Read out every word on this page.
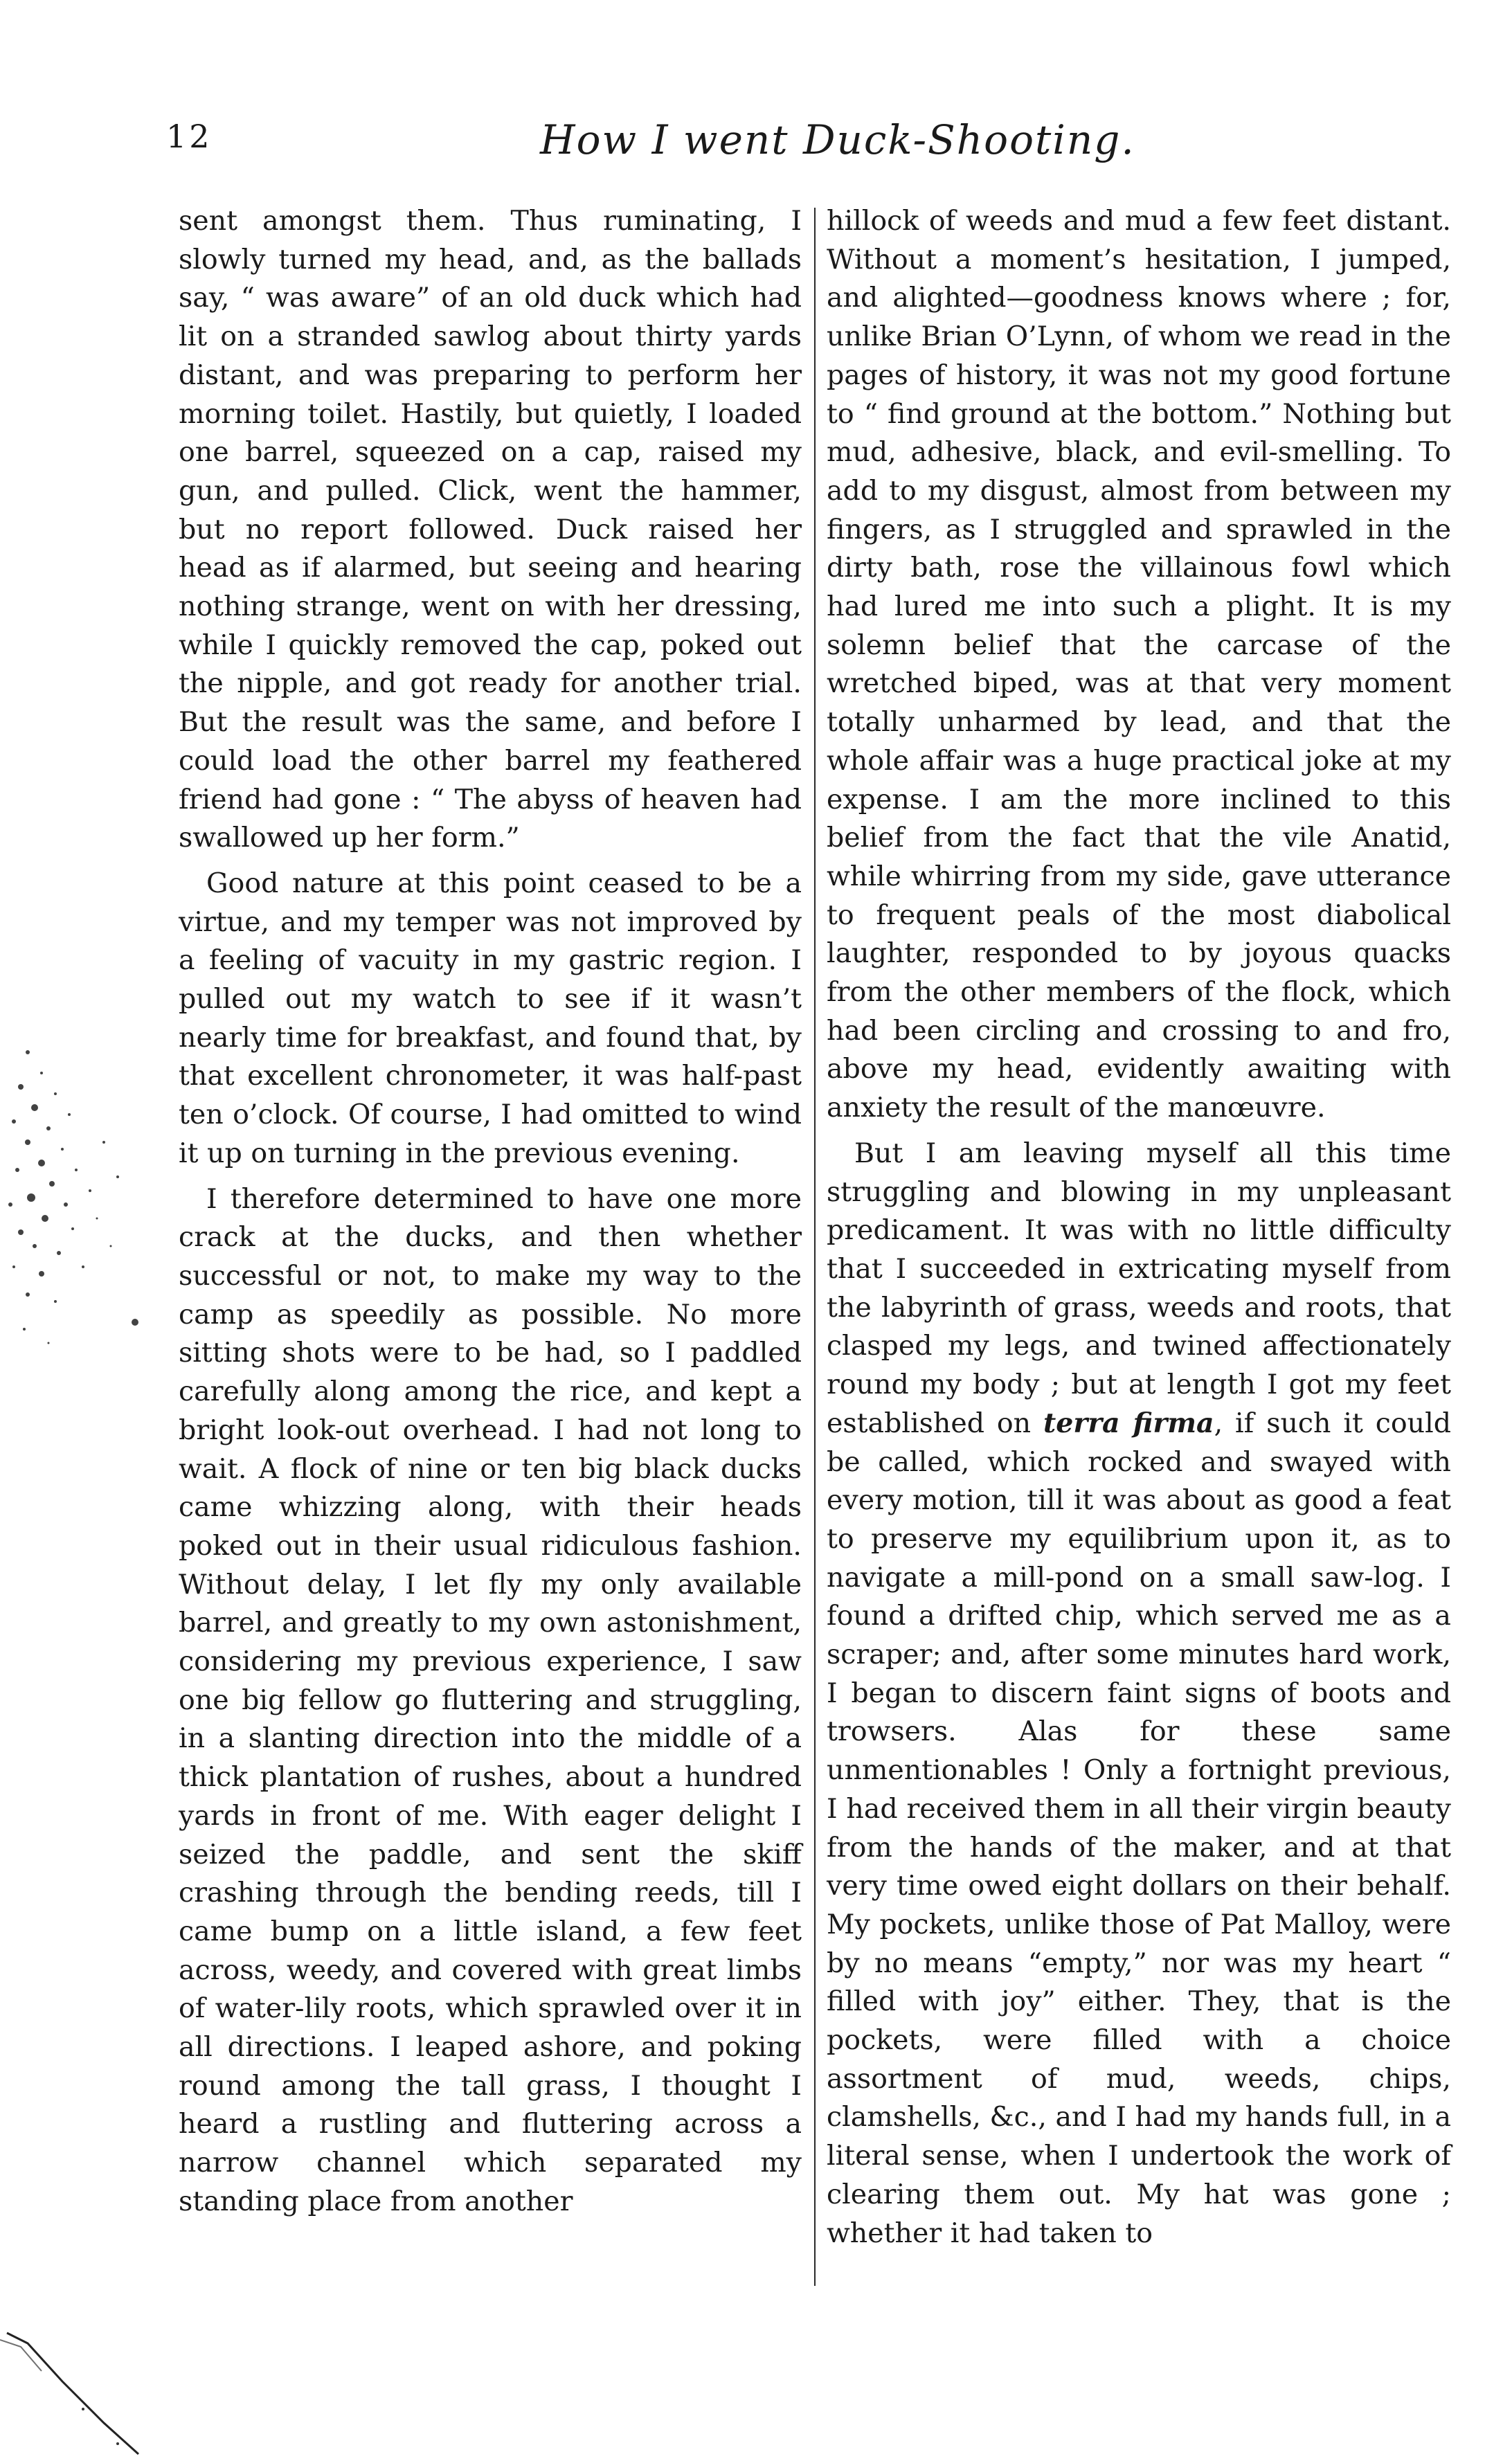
12	How I went Duck-Shooting.

sent amongst them. Thus ruminating, I slowly turned my head, and, as the ballads say, “ was aware” of an old duck which had lit on a stranded sawlog about thirty yards distant, and was preparing to perform her morning toilet. Hastily, but quietly, I loaded one barrel, squeezed on a cap, raised my gun, and pulled. Click, went the hammer, but no report followed. Duck raised her head as if alarmed, but seeing and hearing nothing strange, went on with her dressing, while I quickly removed the cap, poked out the nipple, and got ready for another trial. But the result was the same, and before I could load the other barrel my feathered friend had gone : “ The abyss of heaven had swallowed up her form.”

Good nature at this point ceased to be a virtue, and my temper was not improved by a feeling of vacuity in my gastric region. I pulled out my watch to see if it wasn’t nearly time for breakfast, and found that, by that excellent chronometer, it was half-past ten o’clock. Of course, I had omitted to wind it up on turning in the previous evening.

I therefore determined to have one more crack at the ducks, and then whether successful or not, to make my way to the camp as speedily as possible. No more sitting shots were to be had, so I paddled carefully along among the rice, and kept a bright look-out overhead. I had not long to wait. A flock of nine or ten big black ducks came whizzing along, with their heads poked out in their usual ridiculous fashion. Without delay, I let fly my only available barrel, and greatly to my own astonishment, considering my previous experience, I saw one big fellow go fluttering and struggling, in a slanting direction into the middle of a thick plantation of rushes, about a hundred yards in front of me. With eager delight I seized the paddle, and sent the skiff crashing through the bending reeds, till I came bump on a little island, a few feet across, weedy, and covered with great limbs of water-lily roots, which sprawled over it in all directions. I leaped ashore, and poking round among the tall grass, I thought I heard a rustling and fluttering across a narrow channel which separated my standing place from another

hillock of weeds and mud a few feet distant. Without a moment’s hesitation, I jumped, and alighted—goodness knows where ; for, unlike Brian O’Lynn, of whom we read in the pages of history, it was not my good fortune to “ find ground at the bottom.” Nothing but mud, adhesive, black, and evil-smelling. To add to my disgust, almost from between my fingers, as I struggled and sprawled in the dirty bath, rose the villainous fowl which had lured me into such a plight. It is my solemn belief that the carcase of the wretched biped, was at that very moment totally unharmed by lead, and that the whole affair was a huge practical joke at my expense. I am the more inclined to this belief from the fact that the vile Anatid, while whirring from my side, gave utterance to frequent peals of the most diabolical laughter, responded to by joyous quacks from the other members of the flock, which had been circling and crossing to and fro, above my head, evidently awaiting with anxiety the result of the manœuvre.

But I am leaving myself all this time struggling and blowing in my unpleasant predicament. It was with no little difficulty that I succeeded in extricating myself from the labyrinth of grass, weeds and roots, that clasped my legs, and twined affectionately round my body ; but at length I got my feet established on terra firma, if such it could be called, which rocked and swayed with every motion, till it was about as good a feat to preserve my equilibrium upon it, as to navigate a mill-pond on a small saw-log. I found a drifted chip, which served me as a scraper; and, after some minutes hard work, I began to discern faint signs of boots and trowsers. Alas for these same unmentionables ! Only a fortnight previous, I had received them in all their virgin beauty from the hands of the maker, and at that very time owed eight dollars on their behalf. My pockets, unlike those of Pat Malloy, were by no means “empty,” nor was my heart “ filled with joy” either. They, that is the pockets, were filled with a choice assortment of mud, weeds, chips, clamshells, &c., and I had my hands full, in a literal sense, when I undertook the work of clearing them out. My hat was gone ; whether it had taken to
